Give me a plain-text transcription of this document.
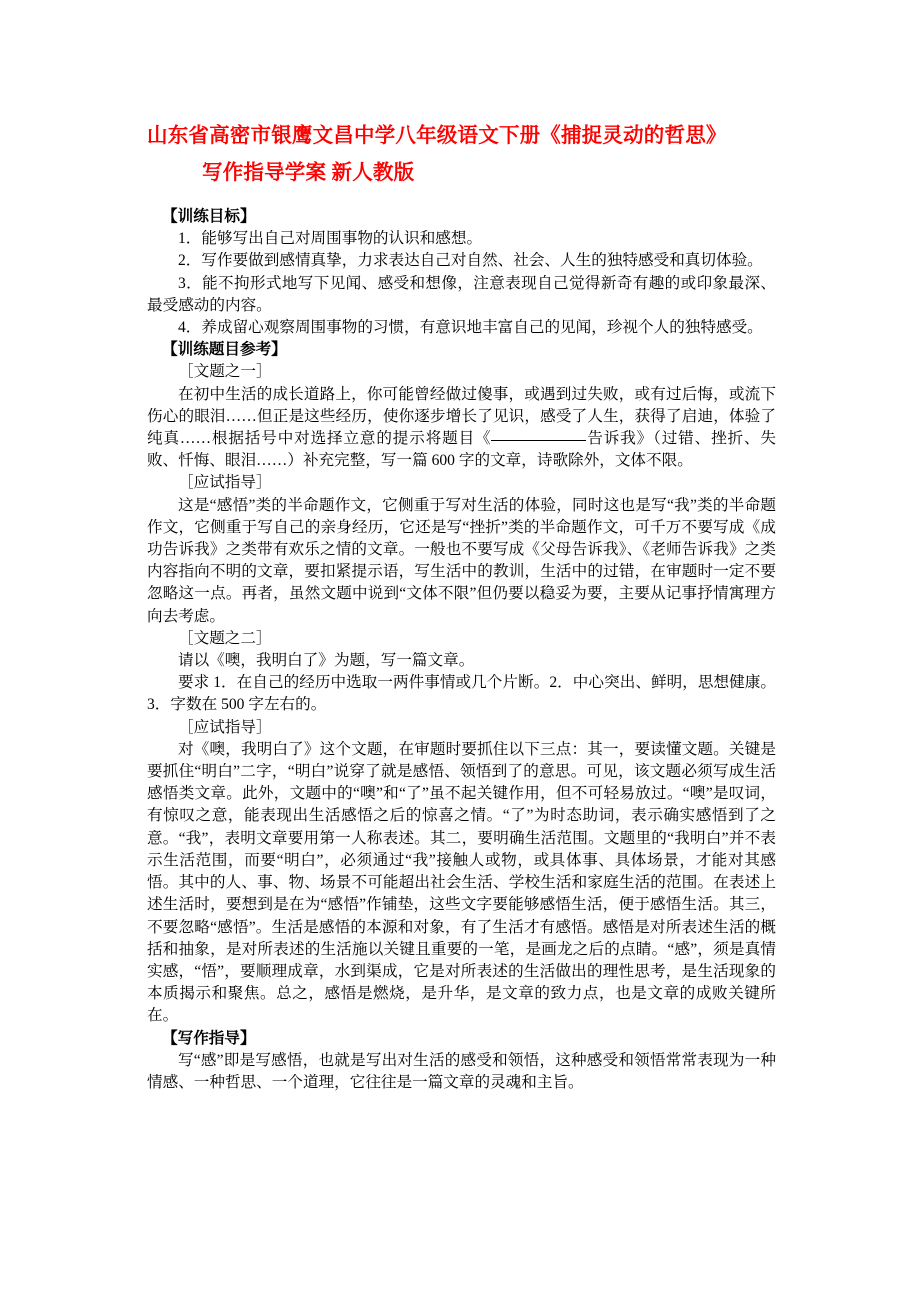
山东省高密市银鹰文昌中学八年级语文下册《捕捉灵动的哲思》
写作指导学案 新人教版
【训练目标】

1．能够写出自己对周围事物的认识和感想。

2．写作要做到感情真挚，力求表达自己对自然、社会、人生的独特感受和真切体验。

3．能不拘形式地写下见闻、感受和想像，注意表现自己觉得新奇有趣的或印象最深、最受感动的内容。

4．养成留心观察周围事物的习惯，有意识地丰富自己的见闻，珍视个人的独特感受。

【训练题目参考】

［文题之一］

在初中生活的成长道路上，你可能曾经做过傻事，或遇到过失败，或有过后悔，或流下伤心的眼泪……但正是这些经历，使你逐步增长了见识，感受了人生，获得了启迪，体验了纯真……根据括号中对选择立意的提示将题目《	告诉我》（过错、挫折、失败、忏悔、眼泪……）补充完整，写一篇 600 字的文章，诗歌除外，文体不限。

［应试指导］

这是“感悟”类的半命题作文，它侧重于写对生活的体验，同时这也是写“我”类的半命题作文，它侧重于写自己的亲身经历，它还是写“挫折”类的半命题作文，可千万不要写成《成功告诉我》之类带有欢乐之情的文章。一般也不要写成《父母告诉我》、《老师告诉我》之类内容指向不明的文章，要扣紧提示语，写生活中的教训，生活中的过错，在审题时一定不要忽略这一点。再者，虽然文题中说到“文体不限”但仍要以稳妥为要，主要从记事抒情寓理方向去考虑。

［文题之二］

请以《噢，我明白了》为题，写一篇文章。

要求 1．在自己的经历中选取一两件事情或几个片断。2．中心突出、鲜明，思想健康。3．字数在 500 字左右的。

［应试指导］

对《噢，我明白了》这个文题，在审题时要抓住以下三点：其一，要读懂文题。关键是要抓住“明白”二字，“明白”说穿了就是感悟、领悟到了的意思。可见，该文题必须写成生活感悟类文章。此外，文题中的“噢”和“了”虽不起关键作用，但不可轻易放过。“噢”是叹词，有惊叹之意，能表现出生活感悟之后的惊喜之情。“了”为时态助词，表示确实感悟到了之意。“我”，表明文章要用第一人称表述。其二，要明确生活范围。文题里的“我明白”并不表示生活范围，而要“明白”，必须通过“我”接触人或物，或具体事、具体场景，才能对其感悟。其中的人、事、物、场景不可能超出社会生活、学校生活和家庭生活的范围。在表述上述生活时，要想到是在为“感悟”作铺垫，这些文字要能够感悟生活，便于感悟生活。其三，不要忽略“感悟”。生活是感悟的本源和对象，有了生活才有感悟。感悟是对所表述生活的概括和抽象，是对所表述的生活施以关键且重要的一笔，是画龙之后的点睛。“感”，须是真情实感，“悟”，要顺理成章，水到渠成，它是对所表述的生活做出的理性思考，是生活现象的本质揭示和聚焦。总之，感悟是燃烧，是升华，是文章的致力点，也是文章的成败关键所在。

【写作指导】

写“感”即是写感悟，也就是写出对生活的感受和领悟，这种感受和领悟常常表现为一种情感、一种哲思、一个道理，它往往是一篇文章的灵魂和主旨。
